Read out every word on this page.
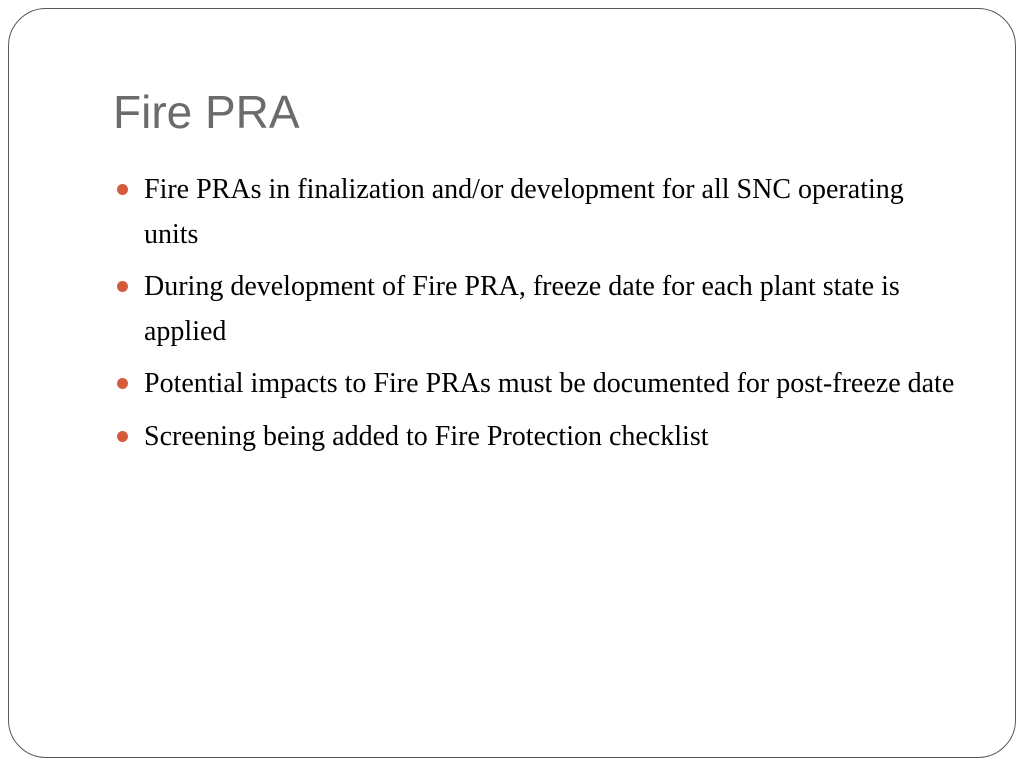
Fire PRA
Fire PRAs in finalization and/or development for all SNC operating units
During development of Fire PRA, freeze date for each plant state is applied
Potential impacts to Fire PRAs must be documented for post-freeze date
Screening being added to Fire Protection checklist
